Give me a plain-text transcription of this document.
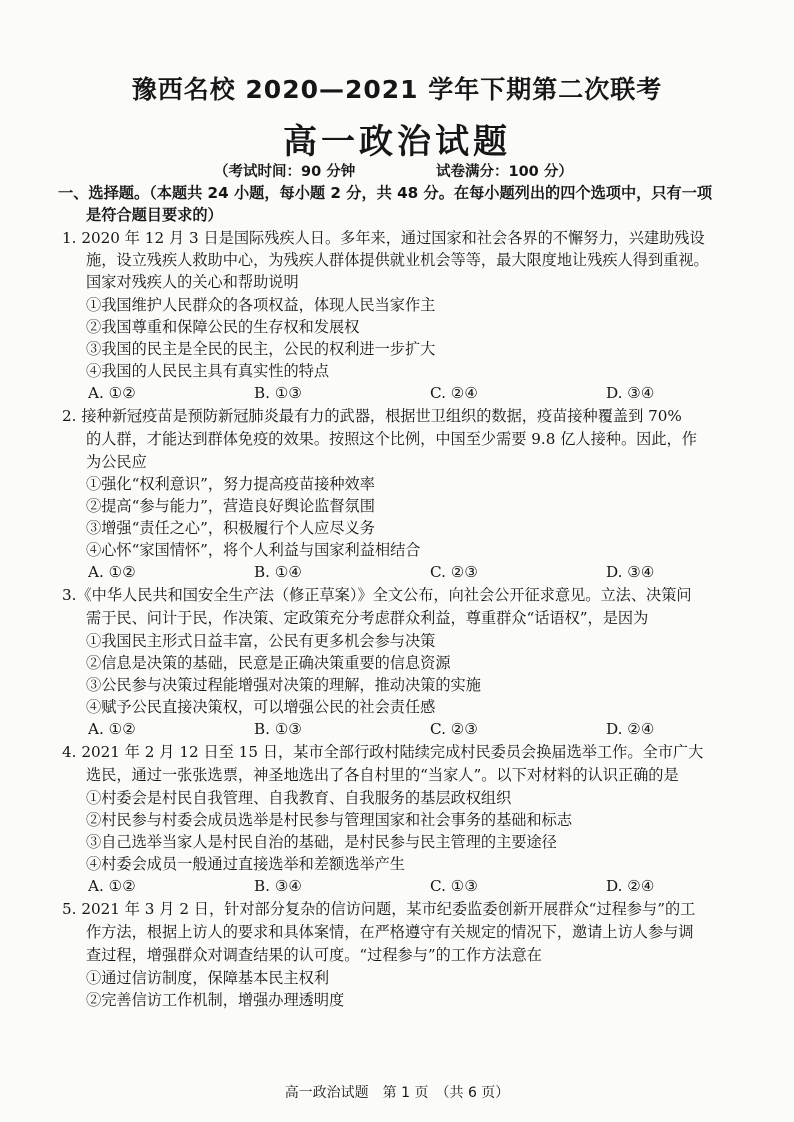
豫西名校 2020—2021 学年下期第二次联考
高一政治试题
（考试时间：90 分钟	试卷满分：100 分）
一、选择题。（本题共 24 小题，每小题 2 分，共 48 分。在每小题列出的四个选项中，只有一项
是符合题目要求的）
1. 2020 年 12 月 3 日是国际残疾人日。多年来，通过国家和社会各界的不懈努力，兴建助残设
施，设立残疾人救助中心，为残疾人群体提供就业机会等等，最大限度地让残疾人得到重视。
国家对残疾人的关心和帮助说明
①我国维护人民群众的各项权益，体现人民当家作主
②我国尊重和保障公民的生存权和发展权
③我国的民主是全民的民主，公民的权利进一步扩大
④我国的人民民主具有真实性的特点
A. ①②	B. ①③	C. ②④	D. ③④
2. 接种新冠疫苗是预防新冠肺炎最有力的武器，根据世卫组织的数据，疫苗接种覆盖到 70%
的人群，才能达到群体免疫的效果。按照这个比例，中国至少需要 9.8 亿人接种。因此，作
为公民应
①强化“权利意识”，努力提高疫苗接种效率
②提高“参与能力”，营造良好舆论监督氛围
③增强“责任之心”，积极履行个人应尽义务
④心怀“家国情怀”，将个人利益与国家利益相结合
A. ①②	B. ①④	C. ②③	D. ③④
3.《中华人民共和国安全生产法（修正草案）》全文公布，向社会公开征求意见。立法、决策问
需于民、问计于民，作决策、定政策充分考虑群众利益，尊重群众“话语权”，是因为
①我国民主形式日益丰富，公民有更多机会参与决策
②信息是决策的基础，民意是正确决策重要的信息资源
③公民参与决策过程能增强对决策的理解，推动决策的实施
④赋予公民直接决策权，可以增强公民的社会责任感
A. ①②	B. ①③	C. ②③	D. ②④
4. 2021 年 2 月 12 日至 15 日，某市全部行政村陆续完成村民委员会换届选举工作。全市广大
选民，通过一张张选票，神圣地选出了各自村里的“当家人”。以下对材料的认识正确的是
①村委会是村民自我管理、自我教育、自我服务的基层政权组织
②村民参与村委会成员选举是村民参与管理国家和社会事务的基础和标志
③自己选举当家人是村民自治的基础，是村民参与民主管理的主要途径
④村委会成员一般通过直接选举和差额选举产生
A. ①②	B. ③④	C. ①③	D. ②④
5. 2021 年 3 月 2 日，针对部分复杂的信访问题，某市纪委监委创新开展群众“过程参与”的工
作方法，根据上访人的要求和具体案情，在严格遵守有关规定的情况下，邀请上访人参与调
查过程，增强群众对调查结果的认可度。“过程参与”的工作方法意在
①通过信访制度，保障基本民主权利
②完善信访工作机制，增强办理透明度
高一政治试题　第 1 页　（共 6 页）
